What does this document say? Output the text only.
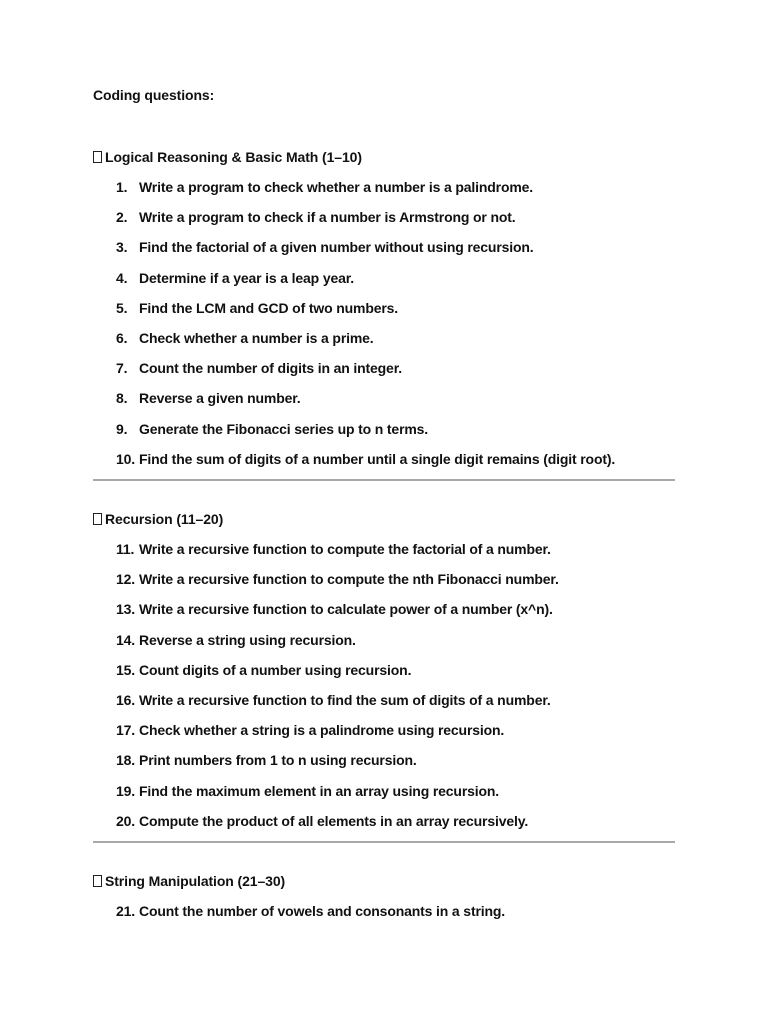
Coding questions:
Logical Reasoning & Basic Math (1–10)
1. Write a program to check whether a number is a palindrome.
2. Write a program to check if a number is Armstrong or not.
3. Find the factorial of a given number without using recursion.
4. Determine if a year is a leap year.
5. Find the LCM and GCD of two numbers.
6. Check whether a number is a prime.
7. Count the number of digits in an integer.
8. Reverse a given number.
9. Generate the Fibonacci series up to n terms.
10. Find the sum of digits of a number until a single digit remains (digit root).
Recursion (11–20)
11. Write a recursive function to compute the factorial of a number.
12. Write a recursive function to compute the nth Fibonacci number.
13. Write a recursive function to calculate power of a number (x^n).
14. Reverse a string using recursion.
15. Count digits of a number using recursion.
16. Write a recursive function to find the sum of digits of a number.
17. Check whether a string is a palindrome using recursion.
18. Print numbers from 1 to n using recursion.
19. Find the maximum element in an array using recursion.
20. Compute the product of all elements in an array recursively.
String Manipulation (21–30)
21. Count the number of vowels and consonants in a string.
